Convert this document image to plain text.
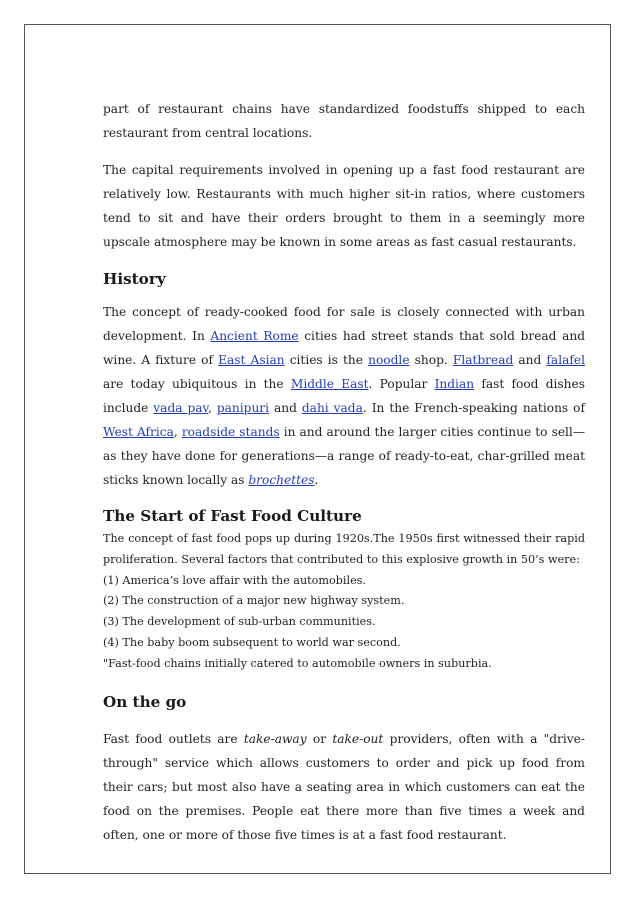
part of restaurant chains have standardized foodstuffs shipped to each restaurant from central locations.

The capital requirements involved in opening up a fast food restaurant are relatively low. Restaurants with much higher sit-in ratios, where customers tend to sit and have their orders brought to them in a seemingly more upscale atmosphere may be known in some areas as fast casual restaurants.

History

The concept of ready-cooked food for sale is closely connected with urban development. In Ancient Rome cities had street stands that sold bread and wine. A fixture of East Asian cities is the noodle shop. Flatbread and falafel are today ubiquitous in the Middle East. Popular Indian fast food dishes include vada pav, panipuri and dahi vada. In the French-speaking nations of West Africa, roadside stands in and around the larger cities continue to sell—as they have done for generations—a range of ready-to-eat, char-grilled meat sticks known locally as brochettes.

The Start of Fast Food Culture

The concept of fast food pops up during 1920s.The 1950s first witnessed their rapid proliferation. Several factors that contributed to this explosive growth in 50’s were:

(1) America’s love affair with the automobiles.

(2) The construction of a major new highway system.

(3) The development of sub-urban communities.

(4) The baby boom subsequent to world war second.

"Fast-food chains initially catered to automobile owners in suburbia.

On the go

Fast food outlets are take-away or take-out providers, often with a "drive-through" service which allows customers to order and pick up food from their cars; but most also have a seating area in which customers can eat the food on the premises. People eat there more than five times a week and often, one or more of those five times is at a fast food restaurant.
